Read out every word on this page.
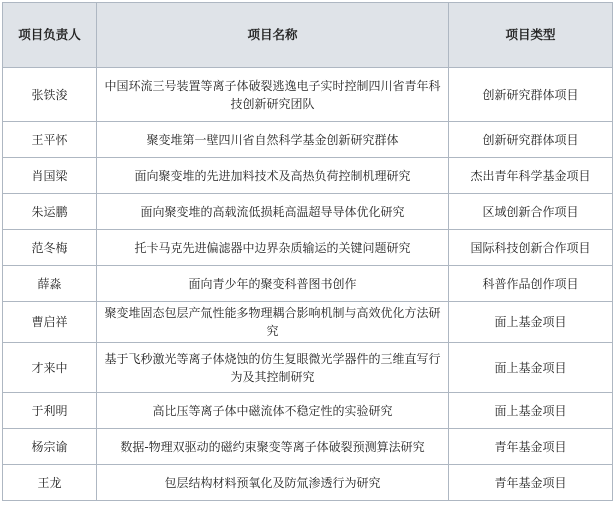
项目负责人	项目名称	项目类型
张铁浚	中国环流三号装置等离子体破裂逃逸电子实时控制四川省青年科技创新研究团队	创新研究群体项目
王平怀	聚变堆第一壁四川省自然科学基金创新研究群体	创新研究群体项目
肖国梁	面向聚变堆的先进加料技术及高热负荷控制机理研究	杰出青年科学基金项目
朱运鹏	面向聚变堆的高载流低损耗高温超导导体优化研究	区域创新合作项目
范冬梅	托卡马克先进偏滤器中边界杂质输运的关键问题研究	国际科技创新合作项目
薛淼	面向青少年的聚变科普图书创作	科普作品创作项目
曹启祥	聚变堆固态包层产氚性能多物理耦合影响机制与高效优化方法研究	面上基金项目
才来中	基于飞秒激光等离子体烧蚀的仿生复眼微光学器件的三维直写行为及其控制研究	面上基金项目
于利明	高比压等离子体中磁流体不稳定性的实验研究	面上基金项目
杨宗谕	数据-物理双驱动的磁约束聚变等离子体破裂预测算法研究	青年基金项目
王龙	包层结构材料预氧化及防氚渗透行为研究	青年基金项目
